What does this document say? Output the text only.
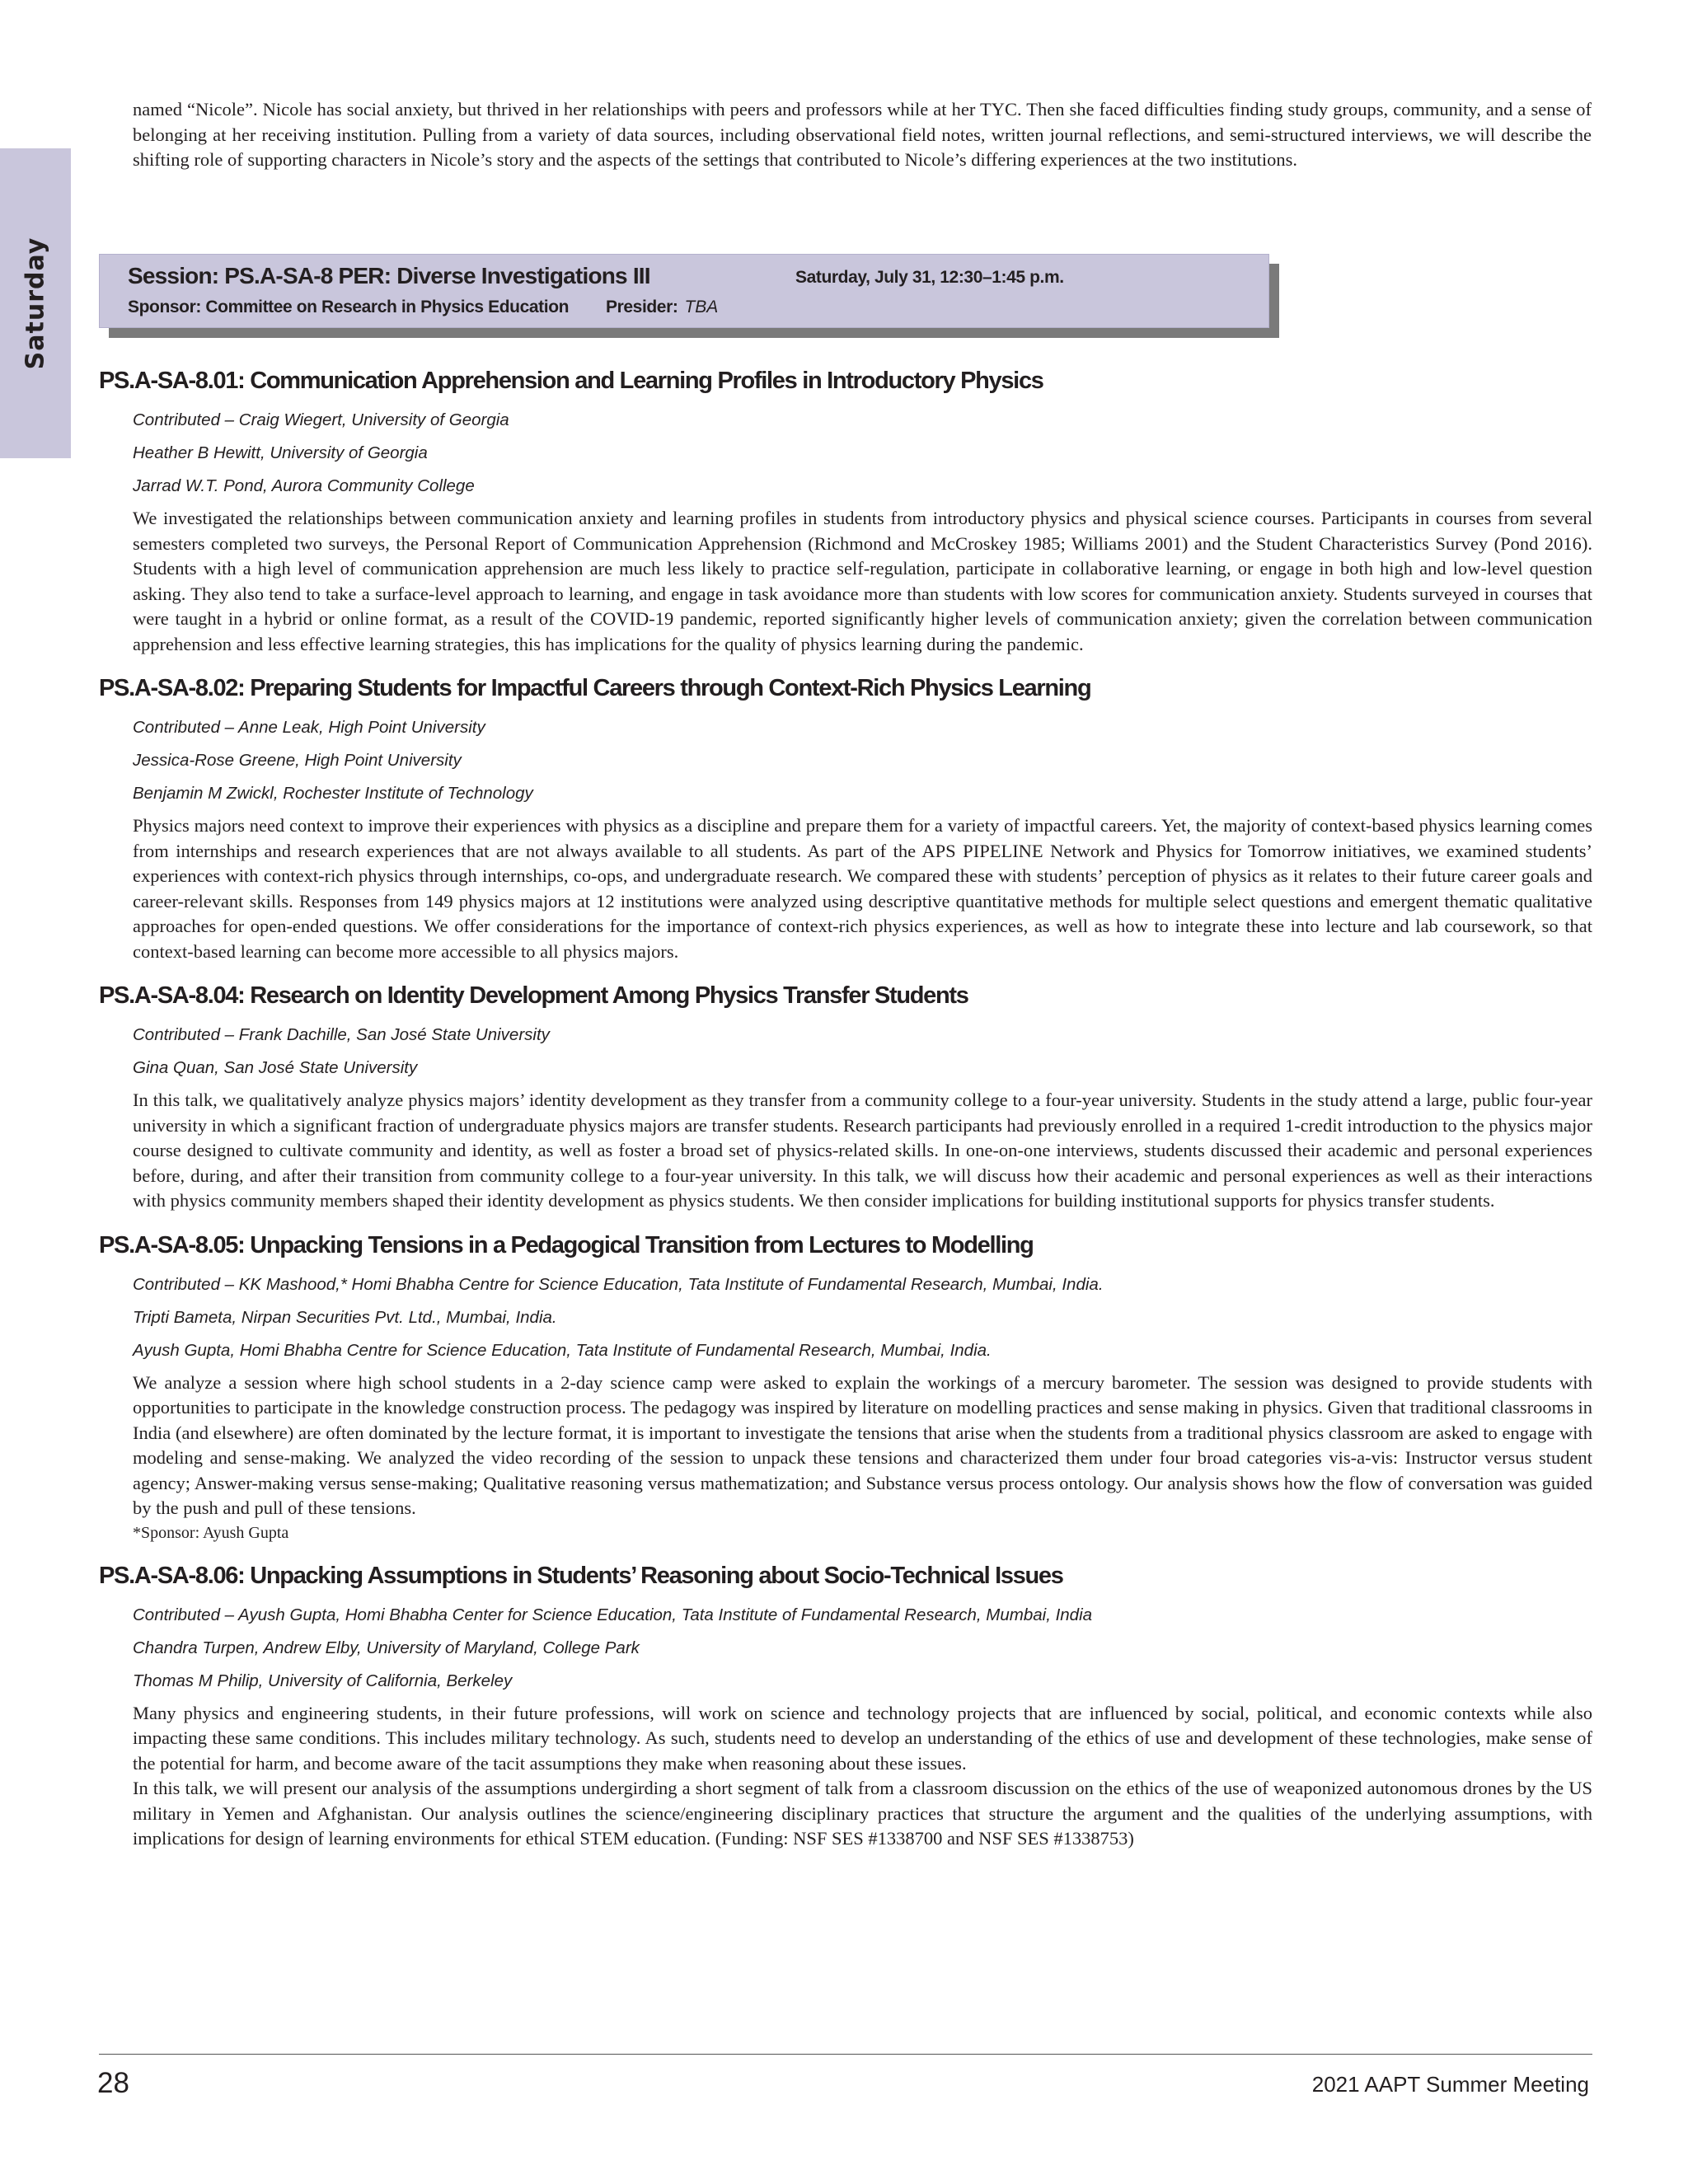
Saturday

named “Nicole”. Nicole has social anxiety, but thrived in her relationships with peers and professors while at her TYC. Then she faced difficulties finding study groups, community, and a sense of belonging at her receiving institution. Pulling from a variety of data sources, including observational field notes, written journal reflections, and semi-structured interviews, we will describe the shifting role of supporting characters in Nicole’s story and the aspects of the settings that contributed to Nicole’s differing experiences at the two institutions.

Session: PS.A-SA-8 PER: Diverse Investigations III	Saturday, July 31, 12:30–1:45 p.m.
Sponsor: Committee on Research in Physics Education Presider: TBA
PS.A-SA-8.01: Communication Apprehension and Learning Profiles in Introductory Physics
Contributed – Craig Wiegert, University of Georgia
Heather B Hewitt, University of Georgia
Jarrad W.T. Pond, Aurora Community College
We investigated the relationships between communication anxiety and learning profiles in students from introductory physics and physical science courses. Participants in courses from several semesters completed two surveys, the Personal Report of Communication Apprehension (Richmond and McCroskey 1985; Williams 2001) and the Student Characteristics Survey (Pond 2016). Students with a high level of communication apprehension are much less likely to practice self-regulation, participate in collaborative learning, or engage in both high and low-level question asking. They also tend to take a surface-level approach to learning, and engage in task avoidance more than students with low scores for communication anxiety. Students surveyed in courses that were taught in a hybrid or online format, as a result of the COVID-19 pandemic, reported significantly higher levels of communication anxiety; given the correlation between communication apprehension and less effective learning strategies, this has implications for the quality of physics learning during the pandemic.
PS.A-SA-8.02: Preparing Students for Impactful Careers through Context-Rich Physics Learning
Contributed – Anne Leak, High Point University
Jessica-Rose Greene, High Point University
Benjamin M Zwickl, Rochester Institute of Technology
Physics majors need context to improve their experiences with physics as a discipline and prepare them for a variety of impactful careers. Yet, the majority of context-based physics learning comes from internships and research experiences that are not always available to all students. As part of the APS PIPELINE Network and Physics for Tomorrow initiatives, we examined students’ experiences with context-rich physics through internships, co-ops, and undergraduate research. We compared these with students’ perception of physics as it relates to their future career goals and career-relevant skills. Responses from 149 physics majors at 12 institutions were analyzed using descriptive quantitative methods for multiple select questions and emergent thematic qualitative approaches for open-ended questions. We offer considerations for the importance of context-rich physics experiences, as well as how to integrate these into lecture and lab coursework, so that context-based learning can become more accessible to all physics majors.
PS.A-SA-8.04: Research on Identity Development Among Physics Transfer Students
Contributed – Frank Dachille, San José State University
Gina Quan, San José State University
In this talk, we qualitatively analyze physics majors’ identity development as they transfer from a community college to a four-year university. Students in the study attend a large, public four-year university in which a significant fraction of undergraduate physics majors are transfer students. Research participants had previously enrolled in a required 1-credit introduction to the physics major course designed to cultivate community and identity, as well as foster a broad set of physics-related skills. In one-on-one interviews, students discussed their academic and personal experiences before, during, and after their transition from community college to a four-year university. In this talk, we will discuss how their academic and personal experiences as well as their interactions with physics community members shaped their identity development as physics students. We then consider implications for building institutional supports for physics transfer students.
PS.A-SA-8.05: Unpacking Tensions in a Pedagogical Transition from Lectures to Modelling
Contributed – KK Mashood,* Homi Bhabha Centre for Science Education, Tata Institute of Fundamental Research, Mumbai, India.
Tripti Bameta, Nirpan Securities Pvt. Ltd., Mumbai, India.
Ayush Gupta, Homi Bhabha Centre for Science Education, Tata Institute of Fundamental Research, Mumbai, India.
We analyze a session where high school students in a 2-day science camp were asked to explain the workings of a mercury barometer. The session was designed to provide students with opportunities to participate in the knowledge construction process. The pedagogy was inspired by literature on modelling practices and sense making in physics. Given that traditional classrooms in India (and elsewhere) are often dominated by the lecture format, it is important to investigate the tensions that arise when the students from a traditional physics classroom are asked to engage with modeling and sense-making. We analyzed the video recording of the session to unpack these tensions and characterized them under four broad categories vis-a-vis: Instructor versus student agency; Answer-making versus sense-making; Qualitative reasoning versus mathematization; and Substance versus process ontology. Our analysis shows how the flow of conversation was guided by the push and pull of these tensions.
*Sponsor: Ayush Gupta
PS.A-SA-8.06: Unpacking Assumptions in Students’ Reasoning about Socio-Technical Issues
Contributed – Ayush Gupta, Homi Bhabha Center for Science Education, Tata Institute of Fundamental Research, Mumbai, India
Chandra Turpen, Andrew Elby, University of Maryland, College Park
Thomas M Philip, University of California, Berkeley
Many physics and engineering students, in their future professions, will work on science and technology projects that are influenced by social, political, and economic contexts while also impacting these same conditions. This includes military technology. As such, students need to develop an understanding of the ethics of use and development of these technologies, make sense of the potential for harm, and become aware of the tacit assumptions they make when reasoning about these issues.
In this talk, we will present our analysis of the assumptions undergirding a short segment of talk from a classroom discussion on the ethics of the use of weaponized autonomous drones by the US military in Yemen and Afghanistan. Our analysis outlines the science/engineering disciplinary practices that structure the argument and the qualities of the underlying assumptions, with implications for design of learning environments for ethical STEM education. (Funding: NSF SES #1338700 and NSF SES #1338753)
28	2021 AAPT Summer Meeting
